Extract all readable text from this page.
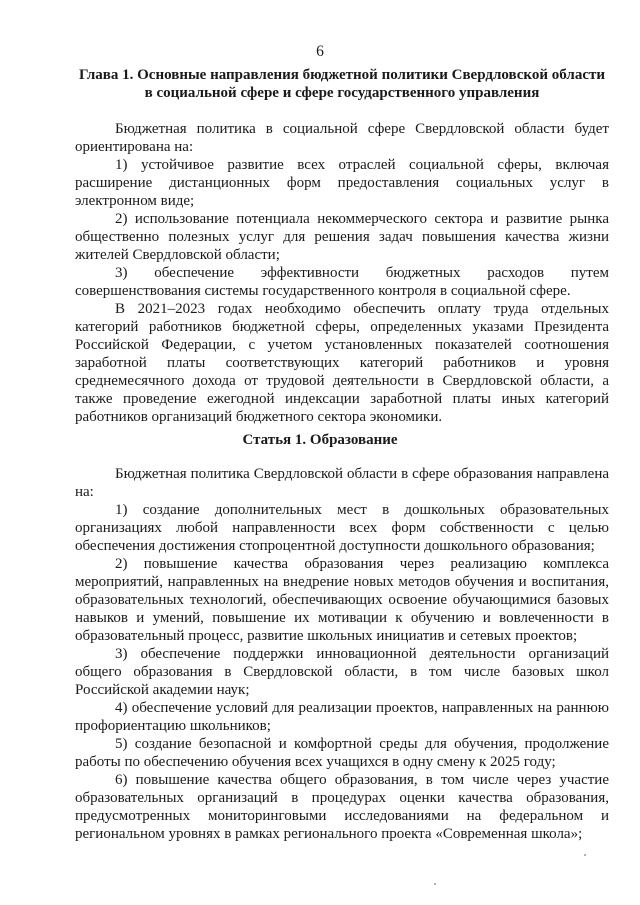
6
Глава 1. Основные направления бюджетной политики Свердловской области
в социальной сфере и сфере государственного управления

Бюджетная политика в социальной сфере Свердловской области будет ориентирована на:

1) устойчивое развитие всех отраслей социальной сферы, включая расширение дистанционных форм предоставления социальных услуг в электронном виде;

2) использование потенциала некоммерческого сектора и развитие рынка общественно полезных услуг для решения задач повышения качества жизни жителей Свердловской области;

3) обеспечение эффективности бюджетных расходов путем совершенствования системы государственного контроля в социальной сфере.

В 2021–2023 годах необходимо обеспечить оплату труда отдельных категорий работников бюджетной сферы, определенных указами Президента Российской Федерации, с учетом установленных показателей соотношения заработной платы соответствующих категорий работников и уровня среднемесячного дохода от трудовой деятельности в Свердловской области, а также проведение ежегодной индексации заработной платы иных категорий работников организаций бюджетного сектора экономики.

Статья 1. Образование

Бюджетная политика Свердловской области в сфере образования направлена на:

1) создание дополнительных мест в дошкольных образовательных организациях любой направленности всех форм собственности с целью обеспечения достижения стопроцентной доступности дошкольного образования;

2) повышение качества образования через реализацию комплекса мероприятий, направленных на внедрение новых методов обучения и воспитания, образовательных технологий, обеспечивающих освоение обучающимися базовых навыков и умений, повышение их мотивации к обучению и вовлеченности в образовательный процесс, развитие школьных инициатив и сетевых проектов;

3) обеспечение поддержки инновационной деятельности организаций общего образования в Свердловской области, в том числе базовых школ Российской академии наук;

4) обеспечение условий для реализации проектов, направленных на раннюю профориентацию школьников;

5) создание безопасной и комфортной среды для обучения, продолжение работы по обеспечению обучения всех учащихся в одну смену к 2025 году;

6) повышение качества общего образования, в том числе через участие образовательных организаций в процедурах оценки качества образования, предусмотренных мониторинговыми исследованиями на федеральном и региональном уровнях в рамках регионального проекта «Современная школа»;
